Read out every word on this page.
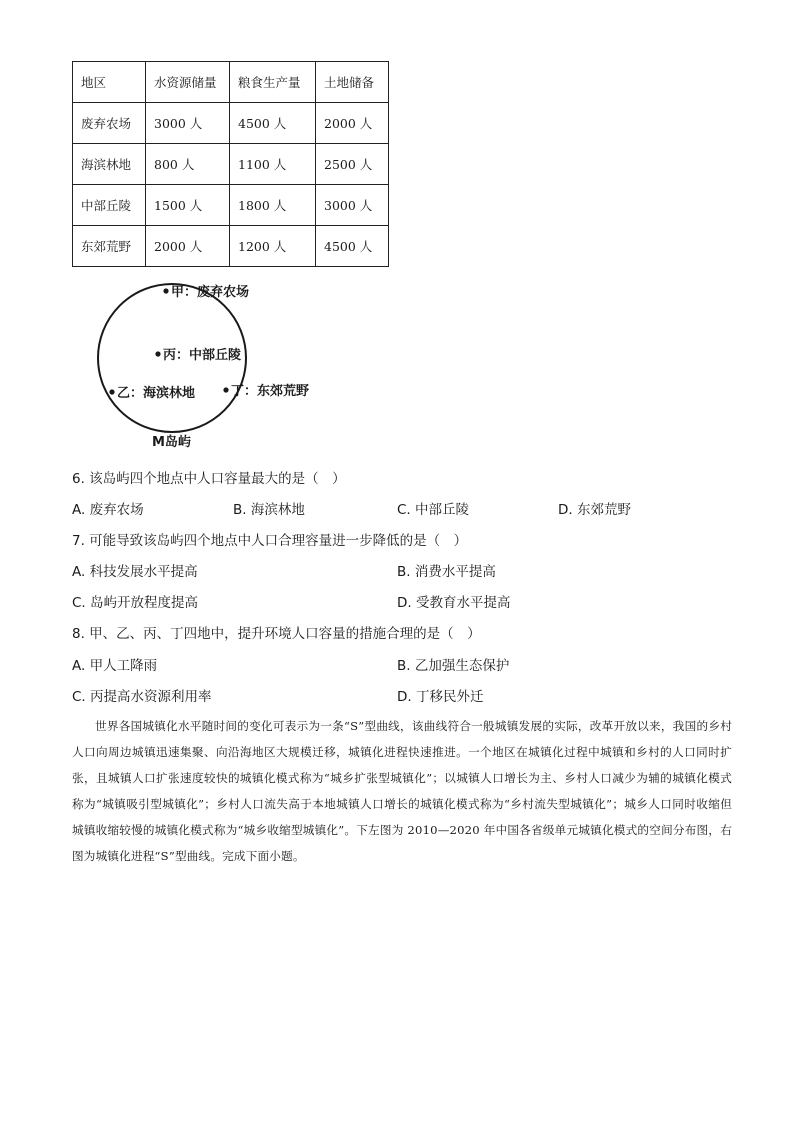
地区	水资源储量	粮食生产量	土地储备
废弃农场	3000 人	4500 人	2000 人
海滨林地	800 人	1100 人	2500 人
中部丘陵	1500 人	1800 人	3000 人
东郊荒野	2000 人	1200 人	4500 人
甲：废弃农场
丙：中部丘陵
乙：海滨林地	丁：东郊荒野
M岛屿
6. 该岛屿四个地点中人口容量最大的是（　）
A. 废弃农场	B. 海滨林地	C. 中部丘陵	D. 东郊荒野
7. 可能导致该岛屿四个地点中人口合理容量进一步降低的是（　）
A. 科技发展水平提高	B. 消费水平提高
C. 岛屿开放程度提高	D. 受教育水平提高
8. 甲、乙、丙、丁四地中，提升环境人口容量的措施合理的是（　）
A. 甲人工降雨	B. 乙加强生态保护
C. 丙提高水资源利用率	D. 丁移民外迁
世界各国城镇化水平随时间的变化可表示为一条“S”型曲线，该曲线符合一般城镇发展的实际，改革开放以来，我国的乡村人口向周边城镇迅速集聚、向沿海地区大规模迁移，城镇化进程快速推进。一个地区在城镇化过程中城镇和乡村的人口同时扩张，且城镇人口扩张速度较快的城镇化模式称为“城乡扩张型城镇化”；以城镇人口增长为主、乡村人口减少为辅的城镇化模式称为“城镇吸引型城镇化”；乡村人口流失高于本地城镇人口增长的城镇化模式称为“乡村流失型城镇化”；城乡人口同时收缩但城镇收缩较慢的城镇化模式称为“城乡收缩型城镇化”。下左图为 2010—2020 年中国各省级单元城镇化模式的空间分布图，右图为城镇化进程“S”型曲线。完成下面小题。
